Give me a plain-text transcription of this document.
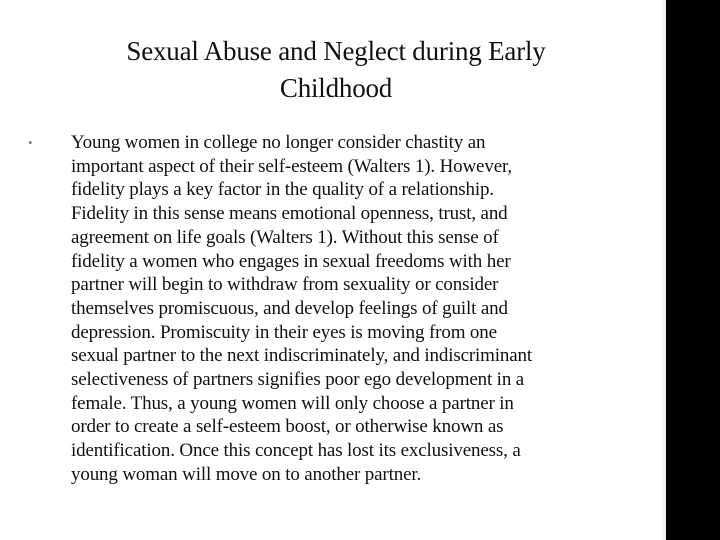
Sexual Abuse and Neglect during Early
Childhood
•	Young women in college no longer consider chastity an
important aspect of their self-esteem (Walters 1). However,
fidelity plays a key factor in the quality of a relationship.
Fidelity in this sense means emotional openness, trust, and
agreement on life goals (Walters 1). Without this sense of
fidelity a women who engages in sexual freedoms with her
partner will begin to withdraw from sexuality or consider
themselves promiscuous, and develop feelings of guilt and
depression. Promiscuity in their eyes is moving from one
sexual partner to the next indiscriminately, and indiscriminant
selectiveness of partners signifies poor ego development in a
female. Thus, a young women will only choose a partner in
order to create a self-esteem boost, or otherwise known as
identification. Once this concept has lost its exclusiveness, a
young woman will move on to another partner.
